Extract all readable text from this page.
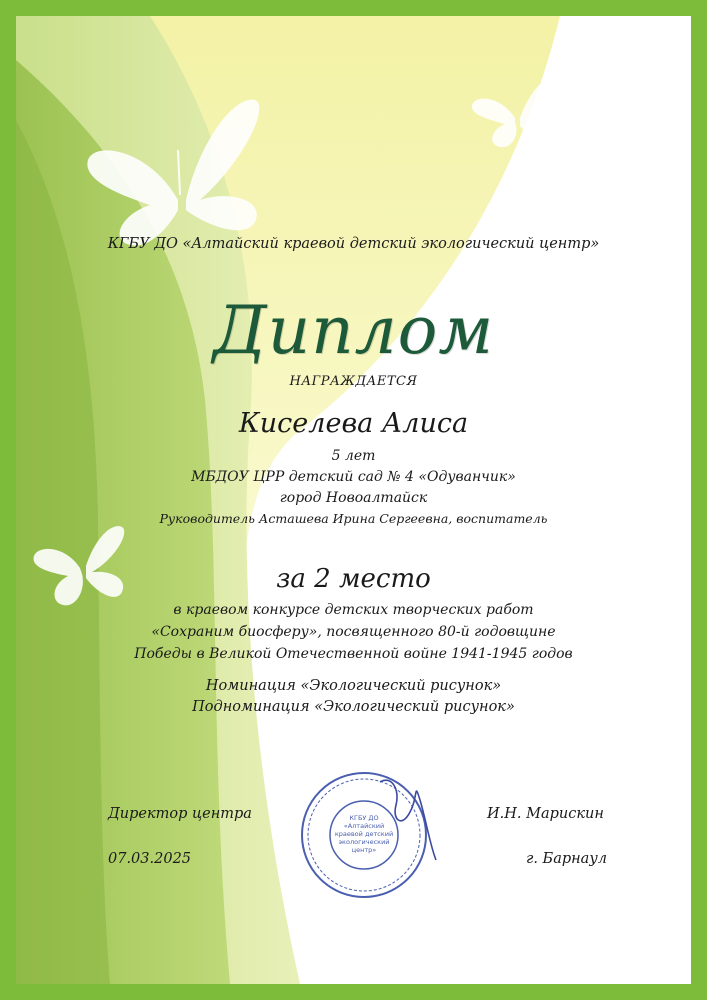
КГБУ ДО «Алтайский краевой детский экологический центр»
Диплом
НАГРАЖДАЕТСЯ
Киселева Алиса
5 лет
МБДОУ ЦРР детский сад № 4 «Одуванчик»
город Новоалтайск
Руководитель Асташева Ирина Сергеевна, воспитатель
за 2 место
в краевом конкурсе детских творческих работ
«Сохраним биосферу», посвященного 80-й годовщине
Победы в Великой Отечественной войне 1941-1945 годов
Номинация «Экологический рисунок»
Подноминация «Экологический рисунок»
Директор центра	И.Н. Марискин
07.03.2025	г. Барнаул
КГБУ ДО
«Алтайский
краевой детский
экологический
центр»
